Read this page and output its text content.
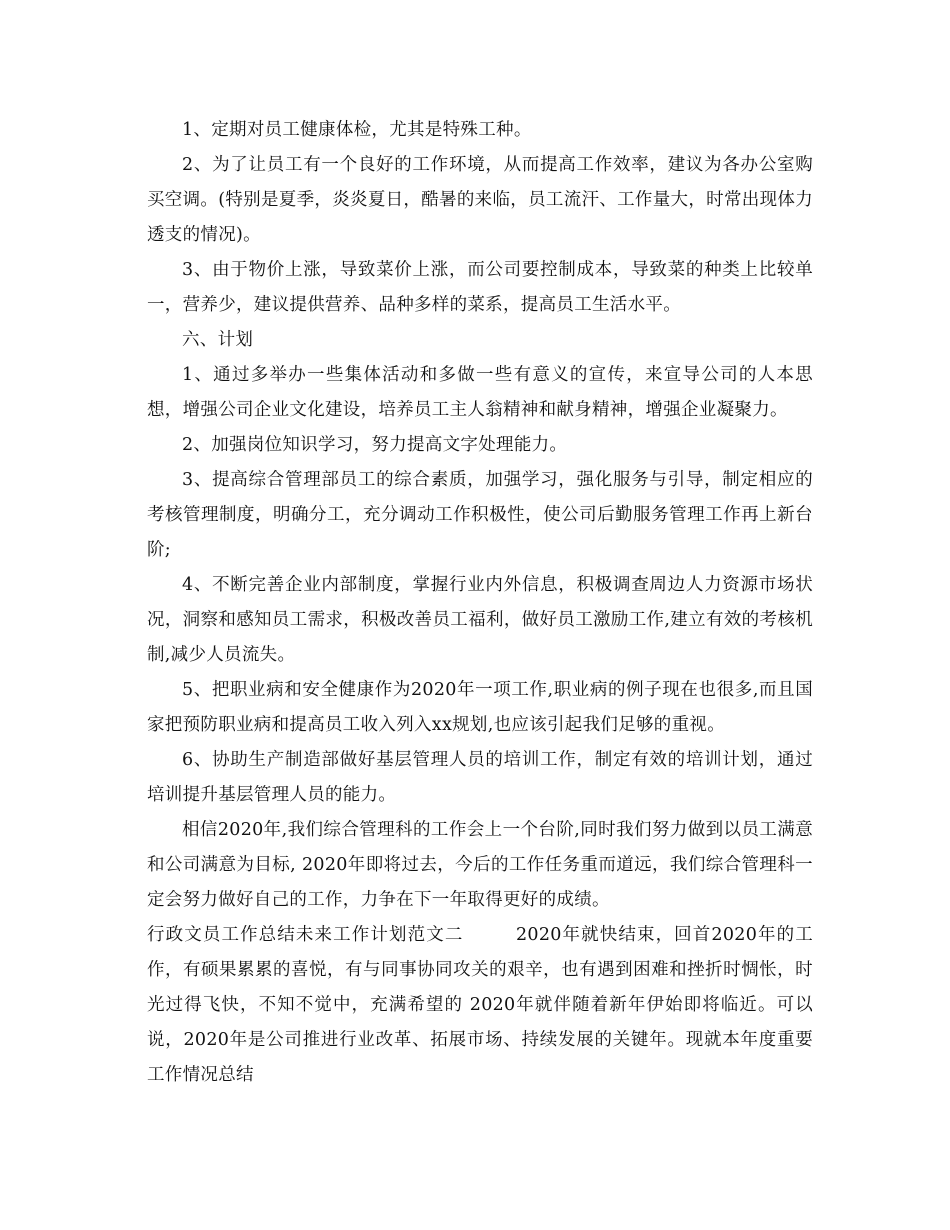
1、定期对员工健康体检，尤其是特殊工种。

2、为了让员工有一个良好的工作环境，从而提高工作效率，建议为各办公室购买空调。(特别是夏季，炎炎夏日，酷暑的来临，员工流汗、工作量大，时常出现体力透支的情况)。

3、由于物价上涨，导致菜价上涨，而公司要控制成本，导致菜的种类上比较单一，营养少，建议提供营养、品种多样的菜系，提高员工生活水平。

六、计划

1、通过多举办一些集体活动和多做一些有意义的宣传，来宣导公司的人本思想，增强公司企业文化建设，培养员工主人翁精神和献身精神，增强企业凝聚力。

2、加强岗位知识学习，努力提高文字处理能力。

3、提高综合管理部员工的综合素质，加强学习，强化服务与引导，制定相应的考核管理制度，明确分工，充分调动工作积极性，使公司后勤服务管理工作再上新台阶;

4、不断完善企业内部制度，掌握行业内外信息，积极调查周边人力资源市场状况，洞察和感知员工需求，积极改善员工福利，做好员工激励工作,建立有效的考核机制,减少人员流失。

5、把职业病和安全健康作为2020年一项工作,职业病的例子现在也很多,而且国家把预防职业病和提高员工收入列入xx规划,也应该引起我们足够的重视。

6、协助生产制造部做好基层管理人员的培训工作，制定有效的培训计划，通过培训提升基层管理人员的能力。

相信2020年,我们综合管理科的工作会上一个台阶,同时我们努力做到以员工满意和公司满意为目标, 2020年即将过去，今后的工作任务重而道远，我们综合管理科一定会努力做好自己的工作，力争在下一年取得更好的成绩。

行政文员工作总结未来工作计划范文二	2020年就快结束，回首2020年的工作，有硕果累累的喜悦，有与同事协同攻关的艰辛，也有遇到困难和挫折时惆怅，时光过得飞快，不知不觉中，充满希望的 2020年就伴随着新年伊始即将临近。可以说，2020年是公司推进行业改革、拓展市场、持续发展的关键年。现就本年度重要工作情况总结
